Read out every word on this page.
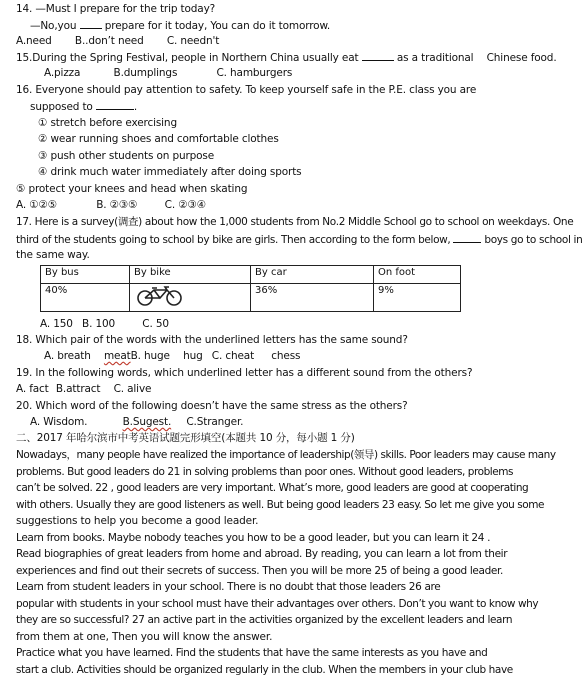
14. —Must I prepare for the trip today?
—No,you	prepare for it today, You can do it tomorrow.
A.need B..don’t need C. needn't
15.During the Spring Festival, people in Northern China usually eat	as a traditional Chinese food.
A.pizza	B.dumplings	C. hamburgers
16. Everyone should pay attention to safety. To keep yourself safe in the P.E. class you are
supposed to	.
① stretch before exercising
② wear running shoes and comfortable clothes
③ push other students on purpose
④ drink much water immediately after doing sports
⑤ protect your knees and head when skating
A. ①②⑤	B. ②③⑤	C. ②③④
17. Here is a survey(调查) about how the 1,000 students from No.2 Middle School go to school on weekdays. One
third of the students going to school by bike are girls. Then according to the form below,	boys go to school in
the same way.
By bus	By bike	By car	On foot
40%		36%	9%
A. 150 B. 100	C. 50
18. Which pair of the words with the underlined letters has the same sound?
A. breath meatB. huge hug C. cheat chess
19. In the following words, which underlined letter has a different sound from the others?
A. fact B.attract C. alive
20. Which word of the following doesn’t have the same stress as the others?
A. Wisdom.	B.Sugest. C.Stranger.
二、2017 年哈尔滨市中考英语试题完形填空(本题共 10 分，每小题 1 分)
Nowadays，many people have realized the importance of leadership(领导) skills. Poor leaders may cause many
problems. But good leaders do 21 in solving problems than poor ones. Without good leaders, problems
can’t be solved. 22 , good leaders are very important. What’s more, good leaders are good at cooperating
with others. Usually they are good listeners as well. But being good leaders 23 easy. So let me give you some
suggestions to help you become a good leader.
Learn from books. Maybe nobody teaches you how to be a good leader, but you can learn it 24 .
Read biographies of great leaders from home and abroad. By reading, you can learn a lot from their
experiences and find out their secrets of success. Then you will be more 25 of being a good leader.
Learn from student leaders in your school. There is no doubt that those leaders 26 are
popular with students in your school must have their advantages over others. Don’t you want to know why
they are so successful? 27 an active part in the activities organized by the excellent leaders and learn
from them at one, Then you will know the answer.
Practice what you have learned. Find the students that have the same interests as you have and
start a club. Activities should be organized regularly in the club. When the members in your club have
